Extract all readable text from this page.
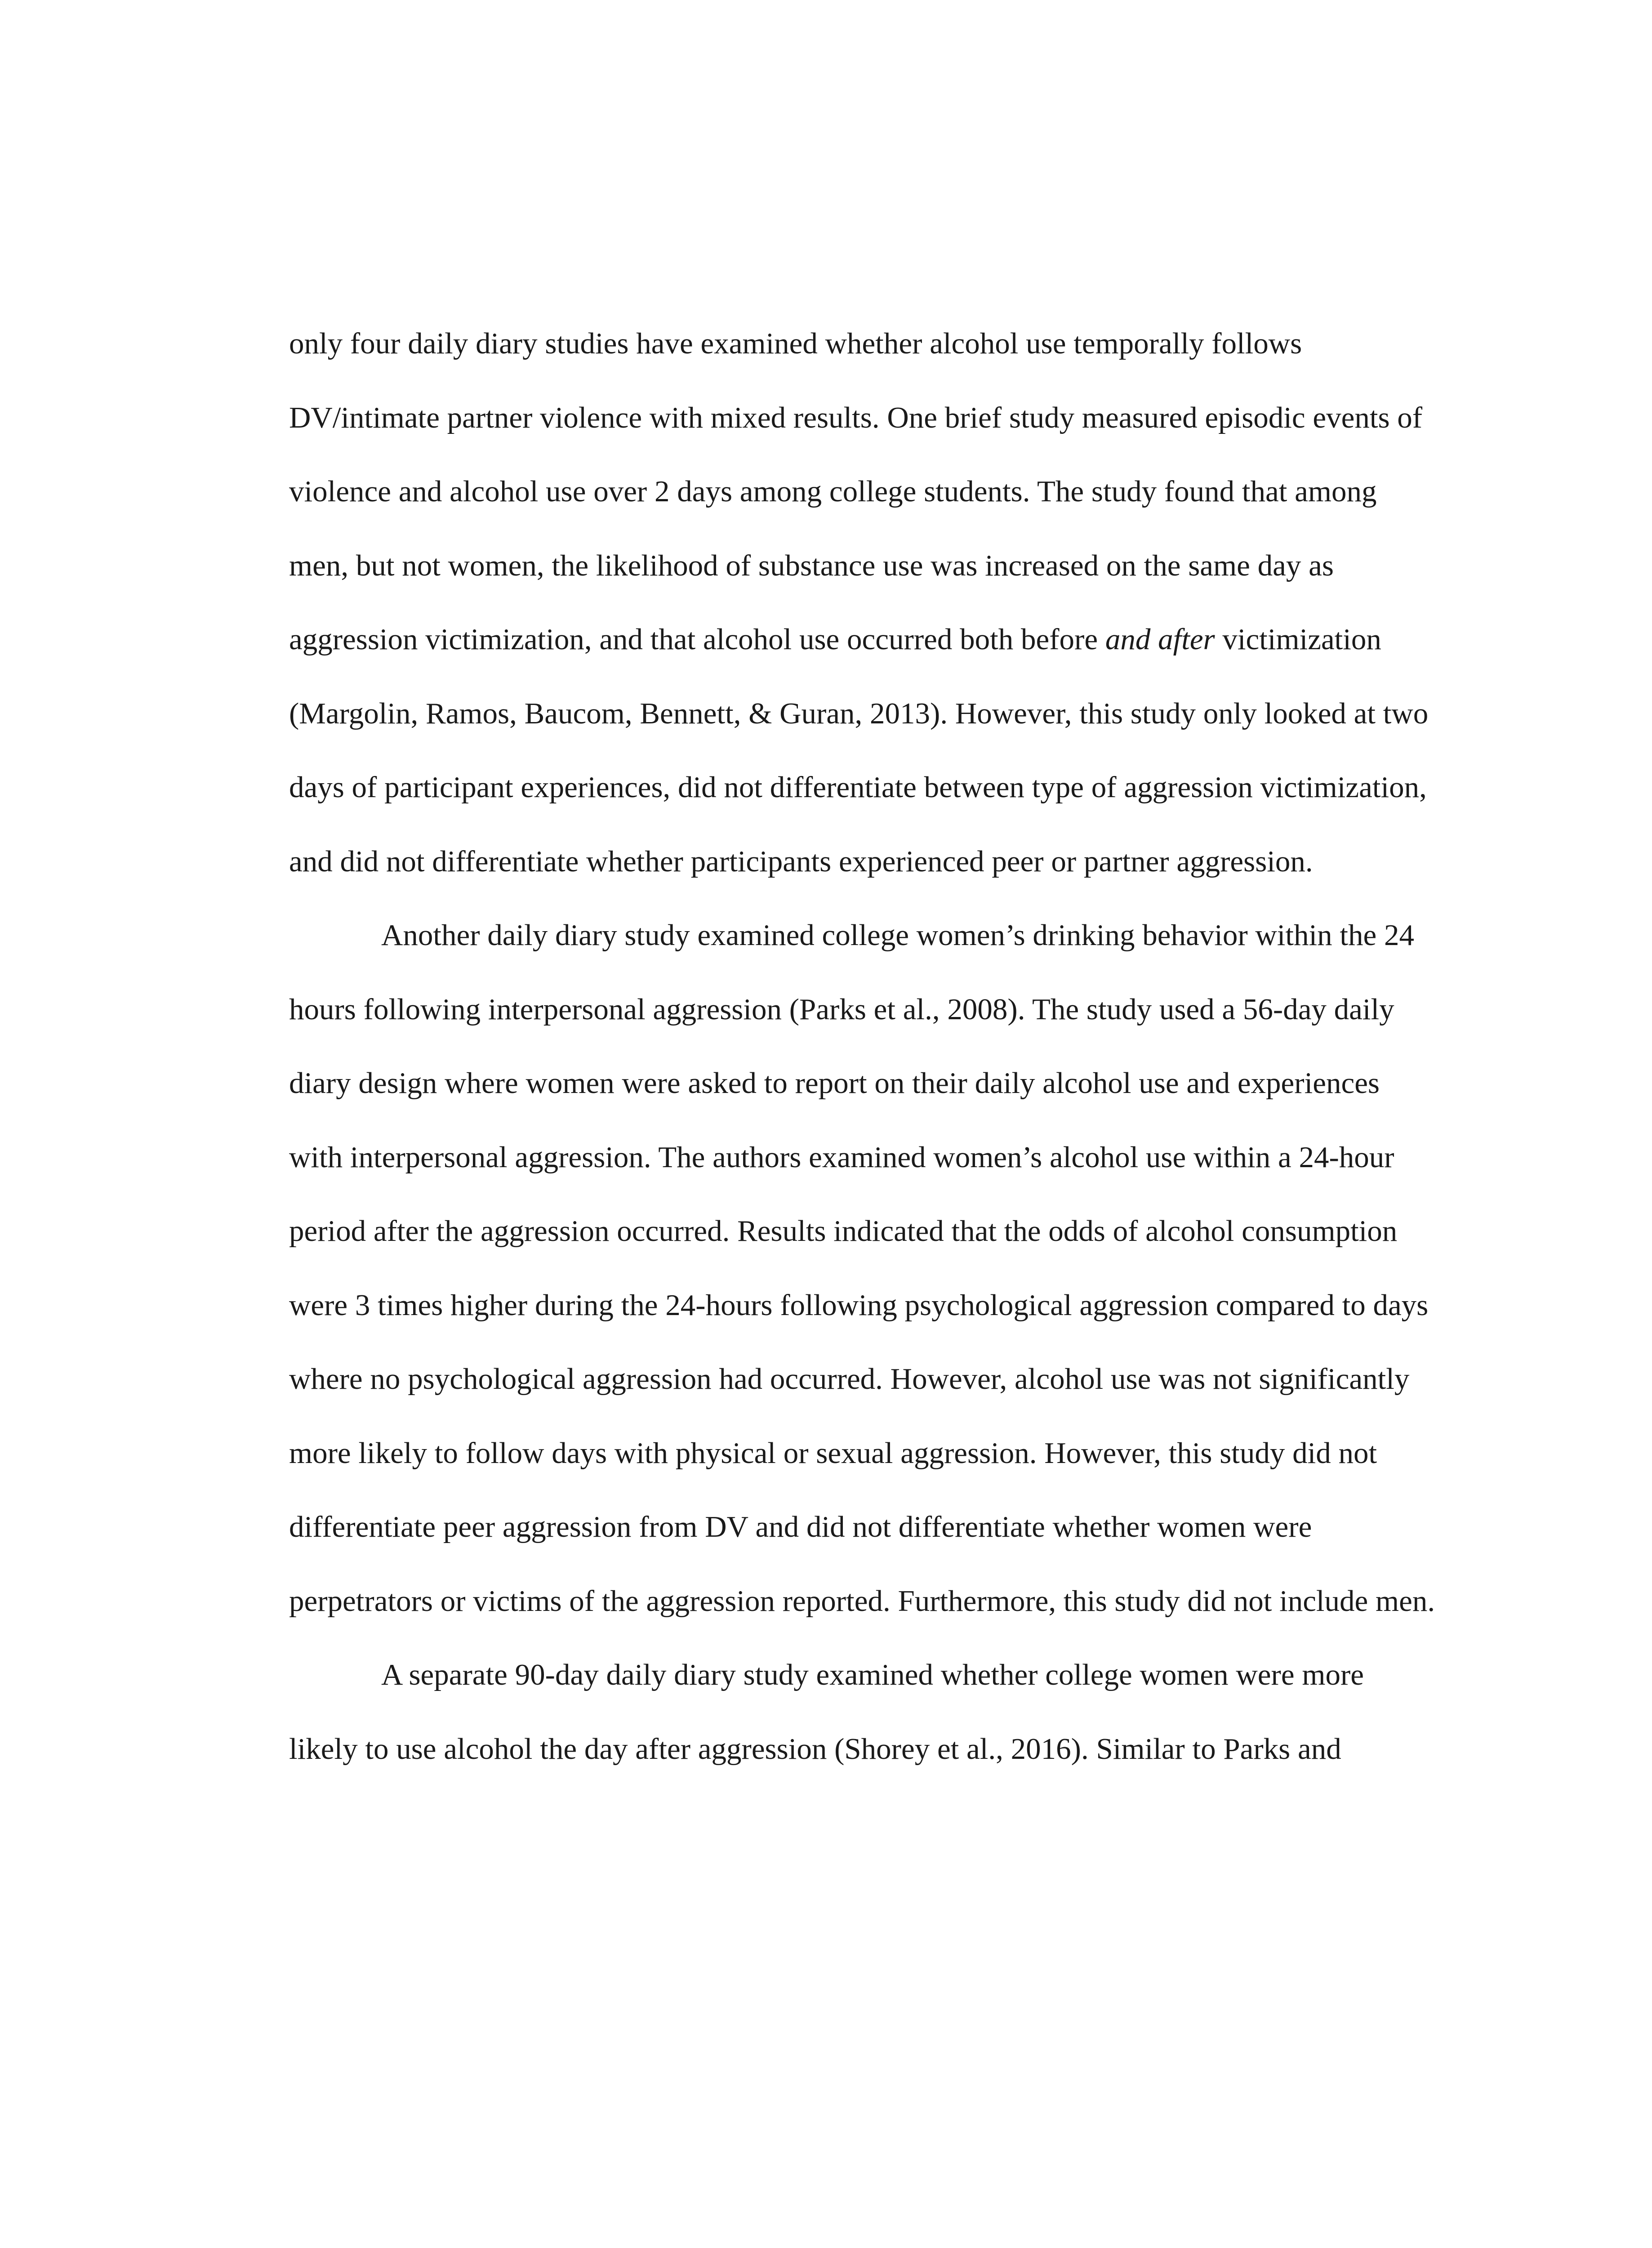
only four daily diary studies have examined whether alcohol use temporally follows DV/intimate partner violence with mixed results. One brief study measured episodic events of violence and alcohol use over 2 days among college students. The study found that among men, but not women, the likelihood of substance use was increased on the same day as aggression victimization, and that alcohol use occurred both before and after victimization (Margolin, Ramos, Baucom, Bennett, & Guran, 2013). However, this study only looked at two days of participant experiences, did not differentiate between type of aggression victimization, and did not differentiate whether participants experienced peer or partner aggression.

Another daily diary study examined college women’s drinking behavior within the 24 hours following interpersonal aggression (Parks et al., 2008). The study used a 56-day daily diary design where women were asked to report on their daily alcohol use and experiences with interpersonal aggression. The authors examined women’s alcohol use within a 24-hour period after the aggression occurred. Results indicated that the odds of alcohol consumption were 3 times higher during the 24-hours following psychological aggression compared to days where no psychological aggression had occurred. However, alcohol use was not significantly more likely to follow days with physical or sexual aggression. However, this study did not differentiate peer aggression from DV and did not differentiate whether women were perpetrators or victims of the aggression reported. Furthermore, this study did not include men.

A separate 90-day daily diary study examined whether college women were more likely to use alcohol the day after aggression (Shorey et al., 2016). Similar to Parks and
